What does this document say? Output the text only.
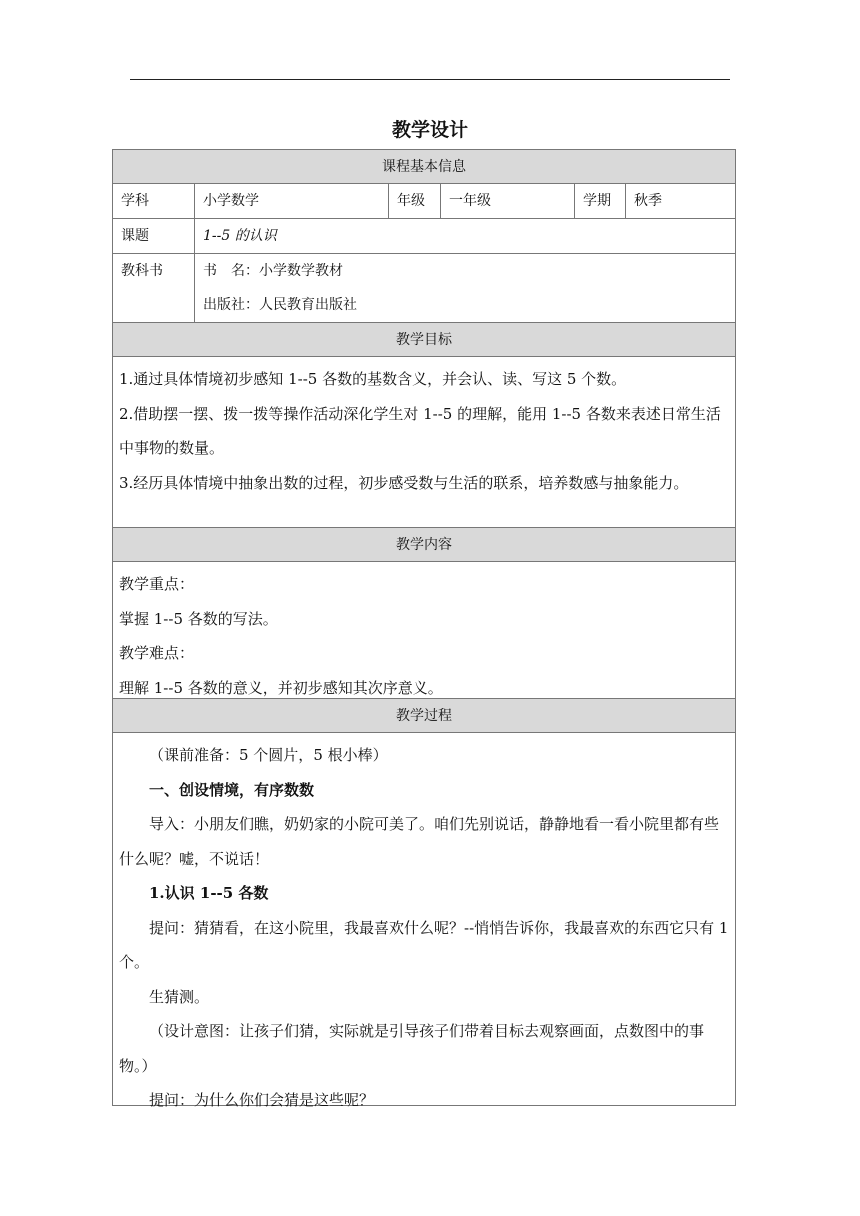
教学设计
课程基本信息
学科	小学数学	年级	一年级	学期	秋季
课题	1--5 的认识
教科书	书　名：小学数学教材
出版社：人民教育出版社
教学目标

1.通过具体情境初步感知 1--5 各数的基数含义，并会认、读、写这 5 个数。

2.借助摆一摆、拨一拨等操作活动深化学生对 1--5 的理解，能用 1--5 各数来表述日常生活中事物的数量。

3.经历具体情境中抽象出数的过程，初步感受数与生活的联系，培养数感与抽象能力。

教学内容

教学重点：

掌握 1--5 各数的写法。

教学难点：

理解 1--5 各数的意义，并初步感知其次序意义。

教学过程

（课前准备：5 个圆片，5 根小棒）

一、创设情境，有序数数

导入：小朋友们瞧，奶奶家的小院可美了。咱们先别说话，静静地看一看小院里都有些什么呢？嘘，不说话！

1.认识 1--5 各数

提问：猜猜看，在这小院里，我最喜欢什么呢？--悄悄告诉你，我最喜欢的东西它只有 1 个。

生猜测。

（设计意图：让孩子们猜，实际就是引导孩子们带着目标去观察画面，点数图中的事物。）

提问：为什么你们会猜是这些呢？
